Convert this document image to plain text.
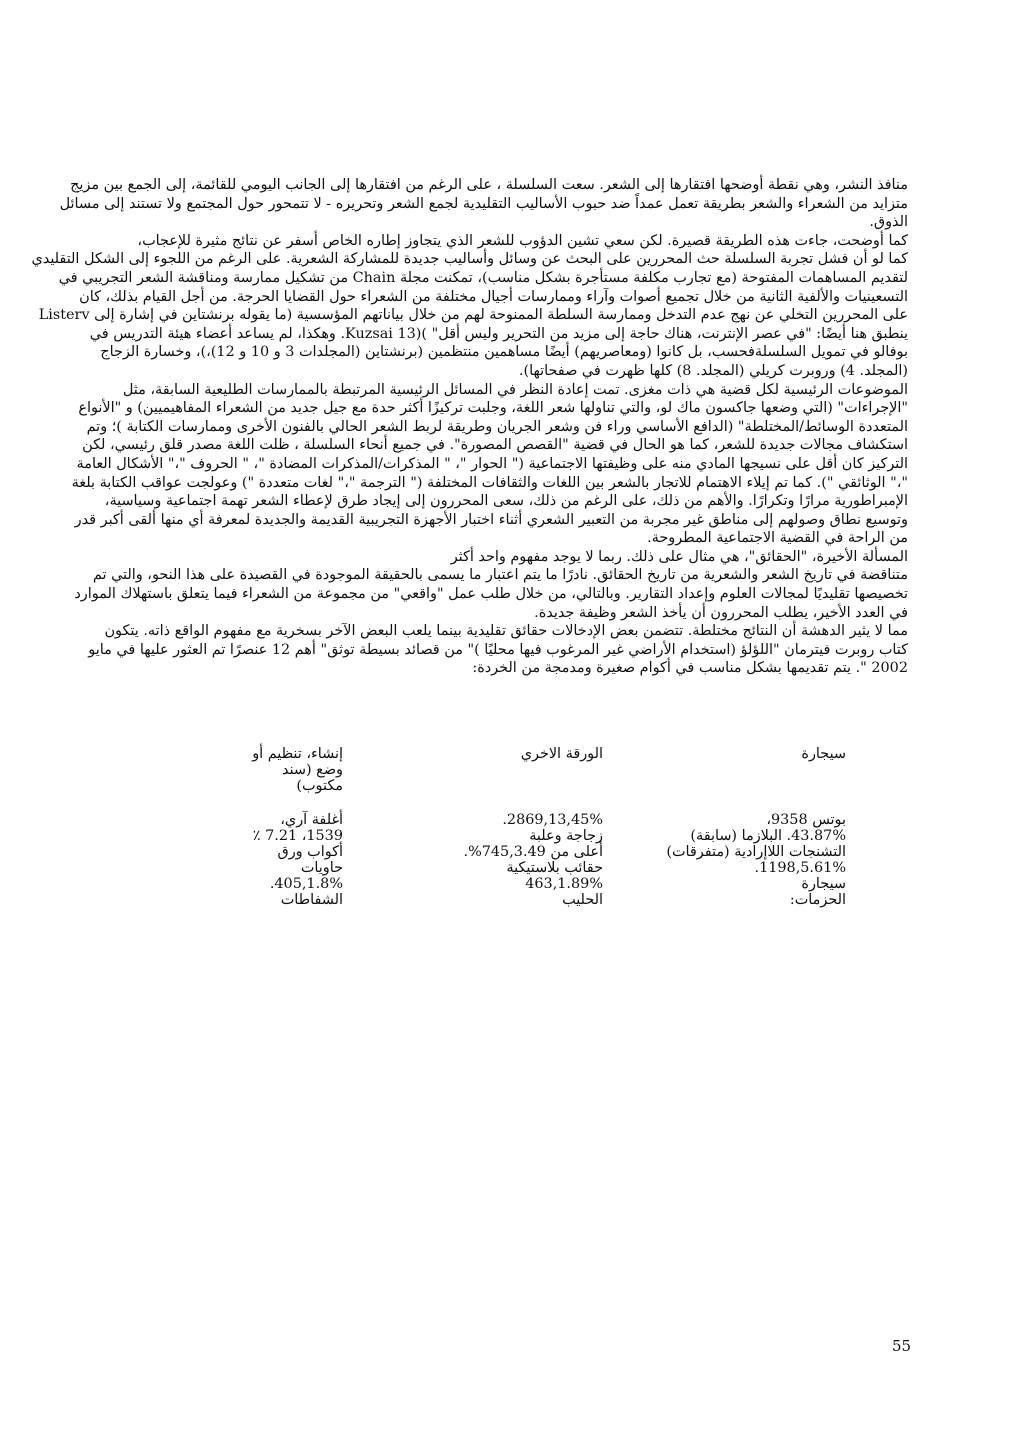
منافذ النشر، وهي نقطة أوضحها افتقارها إلى الشعر. سعت السلسلة ، على الرغم من افتقارها إلى الجانب اليومي للقائمة، إلى الجمع بين مزيج
متزايد من الشعراء والشعر بطريقة تعمل عمداً ضد حبوب الأساليب التقليدية لجمع الشعر وتحريره - لا تتمحور حول المجتمع ولا تستند إلى مسائل
الذوق.

كما أوضحت، جاءت هذه الطريقة قصيرة. لكن سعي تشين الدؤوب للشعر الذي يتجاوز إطاره الخاص أسفر عن نتائج مثيرة للإعجاب،
كما لو أن فشل تجربة السلسلة حث المحررين على البحث عن وسائل وأساليب جديدة للمشاركة الشعرية. على الرغم من اللجوء إلى الشكل التقليدي
لتقديم المساهمات المفتوحة (مع تجارب مكلفة مستأجرة بشكل مناسب)، تمكنت مجلة Chain من تشكيل ممارسة ومناقشة الشعر التجريبي في
التسعينيات والألفية الثانية من خلال تجميع أصوات وآراء وممارسات أجيال مختلفة من الشعراء حول القضايا الحرجة. من أجل القيام بذلك، كان
على المحررين التخلي عن نهج عدم التدخل وممارسة السلطة الممنوحة لهم من خلال بياناتهم المؤسسية (ما يقوله برنشتاين في إشارة إلى Listerv
ينطبق هنا أيضًا: "في عصر الإنترنت، هناك حاجة إلى مزيد من التحرير وليس أقل" )(Kuzsai 13. وهكذا، لم يساعد أعضاء هيئة التدريس في
بوفالو في تمويل السلسلةفحسب، بل كانوا (ومعاصريهم) أيضًا مساهمين منتظمين (برنشتاين (المجلدات 3 و 10 و 12)،)، وخسارة الزجاج
(المجلد. 4) وروبرت كريلي (المجلد. 8) كلها ظهرت في صفحاتها).

الموضوعات الرئيسية لكل قضية هي ذات مغزى. تمت إعادة النظر في المسائل الرئيسية المرتبطة بالممارسات الطليعية السابقة، مثل
"الإجراءات" (التي وضعها جاكسون ماك لو، والتي تناولها شعر اللغة، وجلبت تركيزًا أكثر حدة مع جيل جديد من الشعراء المفاهيميين) و "الأنواع
المتعددة الوسائط/المختلطة" (الدافع الأساسي وراء فن وشعر الجريان وطريقة لربط الشعر الحالي بالفنون الأخرى وممارسات الكتابة )؛ وتم
استكشاف مجالات جديدة للشعر، كما هو الحال في قضية "القصص المصورة". في جميع أنحاء السلسلة ، ظلت اللغة مصدر قلق رئيسي، لكن
التركيز كان أقل على نسيجها المادي منه على وظيفتها الاجتماعية (" الحوار "، " المذكرات/المذكرات المضادة "، " الحروف "،" الأشكال العامة
"،" الوثائقي "). كما تم إيلاء الاهتمام للاتجار بالشعر بين اللغات والثقافات المختلفة (" الترجمة "،" لغات متعددة ") وعولجت عواقب الكتابة بلغة
الإمبراطورية مرارًا وتكرارًا. والأهم من ذلك، على الرغم من ذلك، سعى المحررون إلى إيجاد طرق لإعطاء الشعر تهمة اجتماعية وسياسية،
وتوسيع نطاق وصولهم إلى مناطق غير مجربة من التعبير الشعري أثناء اختبار الأجهزة التجريبية القديمة والجديدة لمعرفة أي منها ألقى أكبر قدر
من الراحة في القضية الاجتماعية المطروحة.

المسألة الأخيرة، "الحقائق"، هي مثال على ذلك. ربما لا يوجد مفهوم واحد أكثر
متناقضة في تاريخ الشعر والشعرية من تاريخ الحقائق. نادرًا ما يتم اعتبار ما يسمى بالحقيقة الموجودة في القصيدة على هذا النحو، والتي تم
تخصيصها تقليديًا لمجالات العلوم وإعداد التقارير. وبالتالي، من خلال طلب عمل "واقعي" من مجموعة من الشعراء فيما يتعلق باستهلاك الموارد
في العدد الأخير، يطلب المحررون أن يأخذ الشعر وظيفة جديدة.

مما لا يثير الدهشة أن النتائج مختلطة. تتضمن بعض الإدخالات حقائق تقليدية بينما يلعب البعض الآخر بسخرية مع مفهوم الواقع ذاته. يتكون
كتاب روبرت فيترمان "اللؤلؤ (استخدام الأراضي غير المرغوب فيها محليًا )" من قصائد بسيطة توثق" أهم 12 عنصرًا تم العثور عليها في مايو
2002 ". يتم تقديمها بشكل مناسب في أكوام صغيرة ومدمجة من الخردة:

سيجارة

بوتس 9358،
43.87%. البلازما (سابقة)
التشنجات اللاإرادية (متفرقات)
1198,5.61%.
سيجارة
الحزمات:
الورقة الاخري

2869,13,45%.
زجاجة وعلبة
أعلى من 745,3.49%.
حقائب بلاستيكية
463,1.89%
الحليب
إنشاء، تنظيم أو
وضع (سند
مكتوب)
أغلفة آري،
1539، 7.21 ٪
أكواب ورق
حاويات
405,1.8%.
الشفاطات
55
